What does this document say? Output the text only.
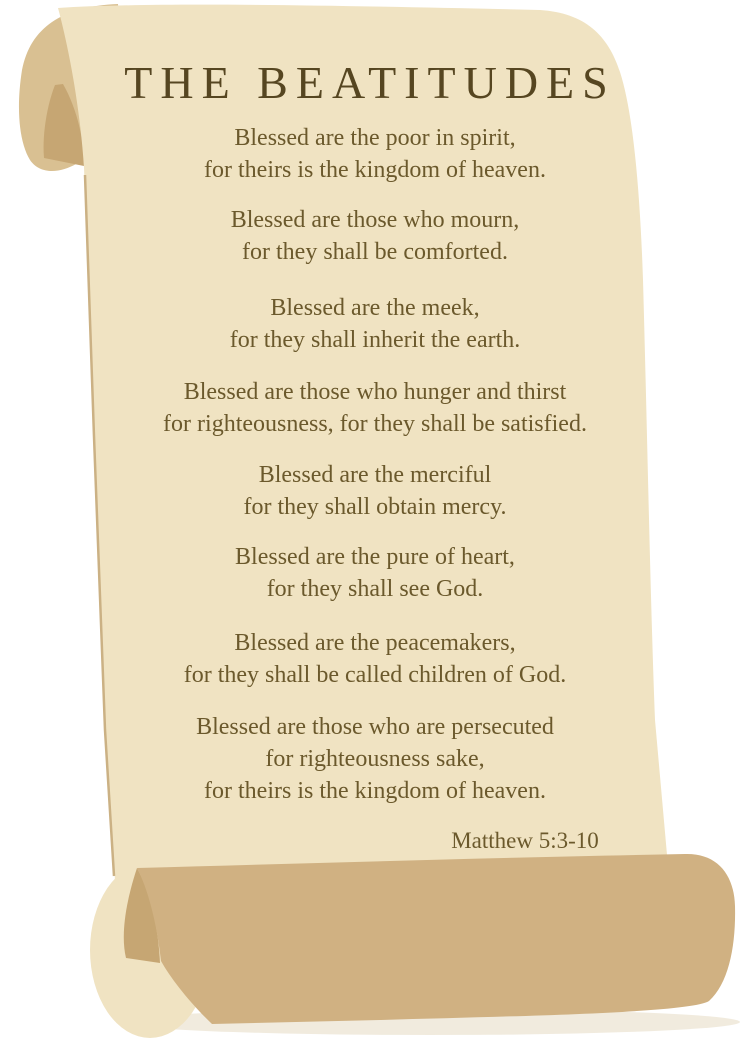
THE BEATITUDES
Blessed are the poor in spirit,
for theirs is the kingdom of heaven.
Blessed are those who mourn,
for they shall be comforted.
Blessed are the meek,
for they shall inherit the earth.
Blessed are those who hunger and thirst
for righteousness, for they shall be satisfied.
Blessed are the merciful
for they shall obtain mercy.
Blessed are the pure of heart,
for they shall see God.
Blessed are the peacemakers,
for they shall be called children of God.
Blessed are those who are persecuted
for righteousness sake,
for theirs is the kingdom of heaven.
Matthew 5:3-10
